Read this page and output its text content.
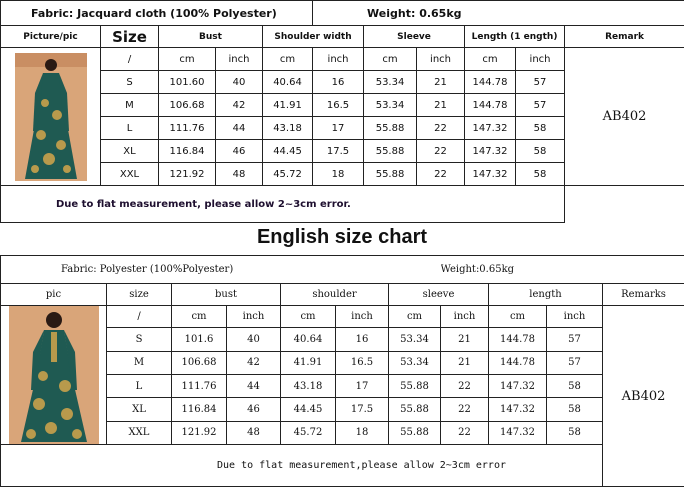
Fabric: Jacquard cloth (100% Polyester)					Weight: 0.65kg					
Picture/pic	Size	Bust		Shoulder width		Sleeve		Length (1 ength)		Remark

	/	cm	inch	cm	inch	cm	inch	cm	inch	AB402
	S	101.60	40	40.64	16	53.34	21	144.78	57	
	M	106.68	42	41.91	16.5	53.34	21	144.78	57	
	L	111.76	44	43.18	17	55.88	22	147.32	58	
	XL	116.84	46	44.45	17.5	55.88	22	147.32	58	
	XXL	121.92	48	45.72	18	55.88	22	147.32	58	
Due to flat measurement, please allow 2~3cm error.										
English size chart
Fabric: Polyester (100%Polyester)							Weight:0.65kg			
pic	size	bust		shoulder		sleeve		length		Remarks

	/	cm	inch	cm	inch	cm	inch	cm	inch	AB402
	S	101.6	40	40.64	16	53.34	21	144.78	57	
	M	106.68	42	41.91	16.5	53.34	21	144.78	57	
	L	111.76	44	43.18	17	55.88	22	147.32	58	
	XL	116.84	46	44.45	17.5	55.88	22	147.32	58	
	XXL	121.92	48	45.72	18	55.88	22	147.32	58	
Due to flat measurement,please allow 2~3cm error										
